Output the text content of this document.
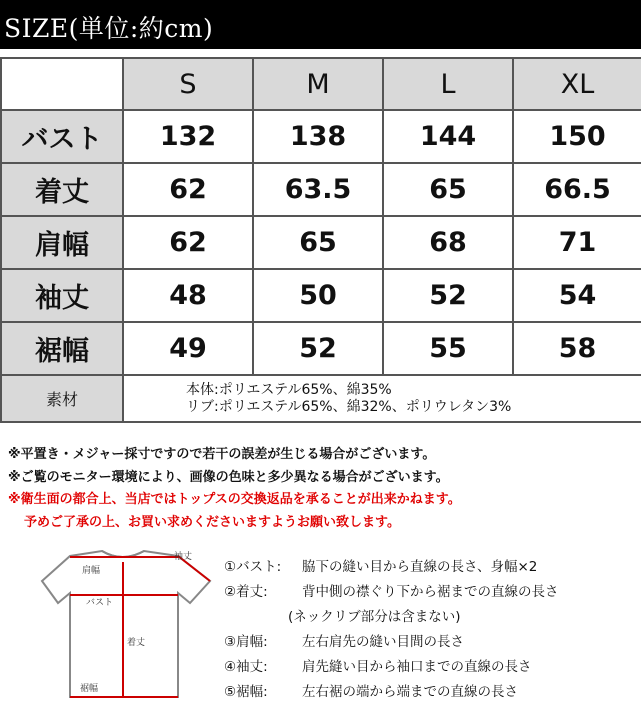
SIZE(単位:約cm)
	S	M	L	XL
バスト	132	138	144	150
着丈	62	63.5	65	66.5
肩幅	62	65	68	71
袖丈	48	50	52	54
裾幅	49	52	55	58
素材	本体:ポリエステル65%、綿35%
リブ:ポリエステル65%、綿32%、ポリウレタン3%			
※平置き・メジャー採寸ですので若干の誤差が生じる場合がございます。
※ご覧のモニター環境により、画像の色味と多少異なる場合がございます。
※衛生面の都合上、当店ではトップスの交換返品を承ることが出来かねます。
予めご了承の上、お買い求めくださいますようお願い致します。
袖丈
肩幅
バスト
着丈
裾幅
①バスト: 脇下の縫い目から直線の長さ、身幅×2
②着丈:	背中側の襟ぐり下から裾までの直線の長さ
(ネックリブ部分は含まない)
③肩幅:	左右肩先の縫い目間の長さ
④袖丈:	肩先縫い目から袖口までの直線の長さ
⑤裾幅:	左右裾の端から端までの直線の長さ
